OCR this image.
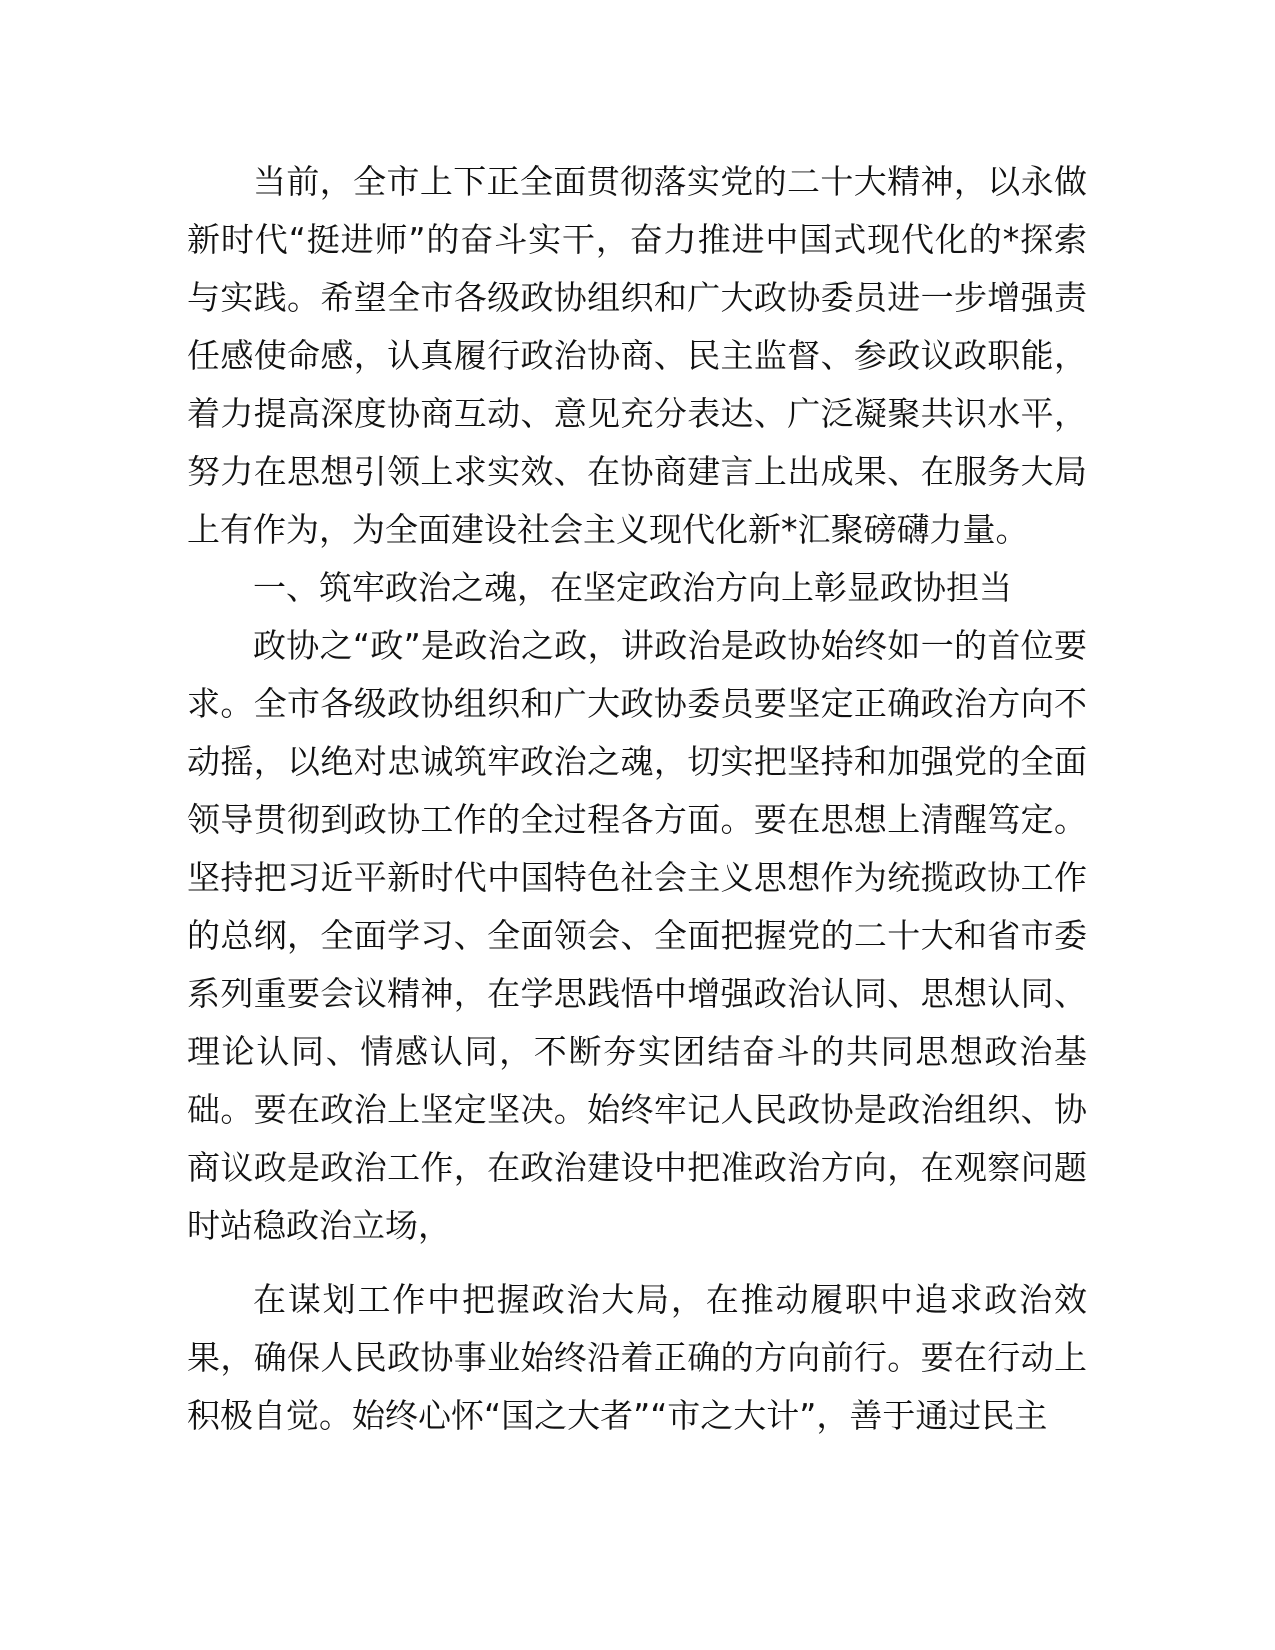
当前，全市上下正全面贯彻落实党的二十大精神，以永做新时代“挺进师”的奋斗实干，奋力推进中国式现代化的*探索与实践。希望全市各级政协组织和广大政协委员进一步增强责任感使命感，认真履行政治协商、民主监督、参政议政职能，着力提高深度协商互动、意见充分表达、广泛凝聚共识水平，努力在思想引领上求实效、在协商建言上出成果、在服务大局上有作为，为全面建设社会主义现代化新*汇聚磅礴力量。

一、筑牢政治之魂，在坚定政治方向上彰显政协担当

政协之“政”是政治之政，讲政治是政协始终如一的首位要求。全市各级政协组织和广大政协委员要坚定正确政治方向不动摇，以绝对忠诚筑牢政治之魂，切实把坚持和加强党的全面领导贯彻到政协工作的全过程各方面。要在思想上清醒笃定。坚持把习近平新时代中国特色社会主义思想作为统揽政协工作的总纲，全面学习、全面领会、全面把握党的二十大和省市委系列重要会议精神，在学思践悟中增强政治认同、思想认同、理论认同、情感认同，不断夯实团结奋斗的共同思想政治基础。要在政治上坚定坚决。始终牢记人民政协是政治组织、协商议政是政治工作，在政治建设中把准政治方向，在观察问题时站稳政治立场，

在谋划工作中把握政治大局，在推动履职中追求政治效果，确保人民政协事业始终沿着正确的方向前行。要在行动上积极自觉。始终心怀“国之大者”“市之大计”，善于通过民主
